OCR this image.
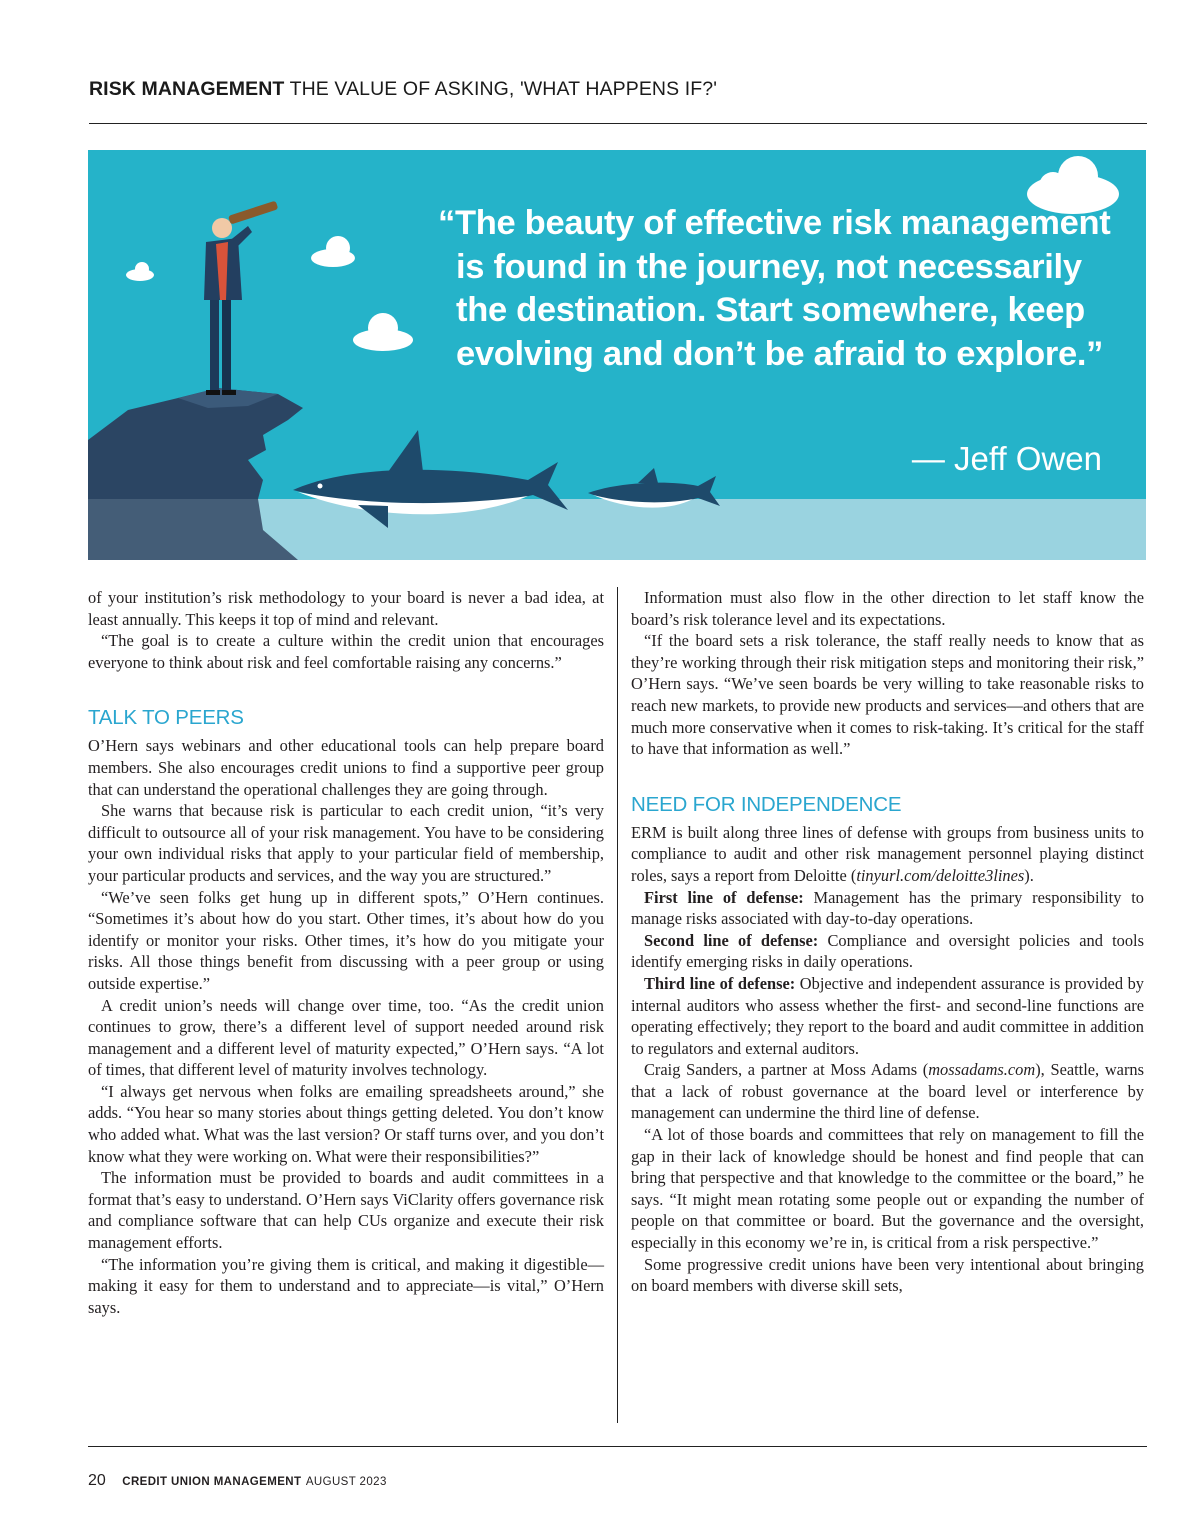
RISK MANAGEMENT THE VALUE OF ASKING, 'WHAT HAPPENS IF?'
“The beauty of effective risk management is found in the journey, not necessarily the destination. Start somewhere, keep evolving and don’t be afraid to explore.”
— Jeff Owen

of your institution’s risk methodology to your board is never a bad idea, at least annually. This keeps it top of mind and relevant.

“The goal is to create a culture within the credit union that encourages everyone to think about risk and feel comfortable raising any concerns.”

TALK TO PEERS

O’Hern says webinars and other educational tools can help prepare board members. She also encourages credit unions to find a supportive peer group that can understand the operational challenges they are going through.

She warns that because risk is particular to each credit union, “it’s very difficult to outsource all of your risk management. You have to be considering your own individual risks that apply to your particular field of membership, your particular products and services, and the way you are structured.”

“We’ve seen folks get hung up in different spots,” O’Hern continues. “Sometimes it’s about how do you start. Other times, it’s about how do you identify or monitor your risks. Other times, it’s how do you mitigate your risks. All those things benefit from discussing with a peer group or using outside expertise.”

A credit union’s needs will change over time, too. “As the credit union continues to grow, there’s a different level of support needed around risk management and a different level of maturity expected,” O’Hern says. “A lot of times, that different level of maturity involves technology.

“I always get nervous when folks are emailing spreadsheets around,” she adds. “You hear so many stories about things getting deleted. You don’t know who added what. What was the last version? Or staff turns over, and you don’t know what they were working on. What were their responsibilities?”

The information must be provided to boards and audit committees in a format that’s easy to understand. O’Hern says ViClarity offers governance risk and compliance software that can help CUs organize and execute their risk management efforts.

“The information you’re giving them is critical, and making it digestible—making it easy for them to understand and to appreciate—is vital,” O’Hern says.

Information must also flow in the other direction to let staff know the board’s risk tolerance level and its expectations.

“If the board sets a risk tolerance, the staff really needs to know that as they’re working through their risk mitigation steps and monitoring their risk,” O’Hern says. “We’ve seen boards be very willing to take reasonable risks to reach new markets, to provide new products and services—and others that are much more conservative when it comes to risk-taking. It’s critical for the staff to have that information as well.”

NEED FOR INDEPENDENCE

ERM is built along three lines of defense with groups from business units to compliance to audit and other risk management personnel playing distinct roles, says a report from Deloitte (tinyurl.com/deloitte3lines).

First line of defense: Management has the primary responsibility to manage risks associated with day-to-day operations.

Second line of defense: Compliance and oversight policies and tools identify emerging risks in daily operations.

Third line of defense: Objective and independent assurance is provided by internal auditors who assess whether the first- and second-line functions are operating effectively; they report to the board and audit committee in addition to regulators and external auditors.

Craig Sanders, a partner at Moss Adams (mossadams.com), Seattle, warns that a lack of robust governance at the board level or interference by management can undermine the third line of defense.

“A lot of those boards and committees that rely on management to fill the gap in their lack of knowledge should be honest and find people that can bring that perspective and that knowledge to the committee or the board,” he says. “It might mean rotating some people out or expanding the number of people on that committee or board. But the governance and the oversight, especially in this economy we’re in, is critical from a risk perspective.”

Some progressive credit unions have been very intentional about bringing on board members with diverse skill sets,

20 CREDIT UNION MANAGEMENT AUGUST 2023
